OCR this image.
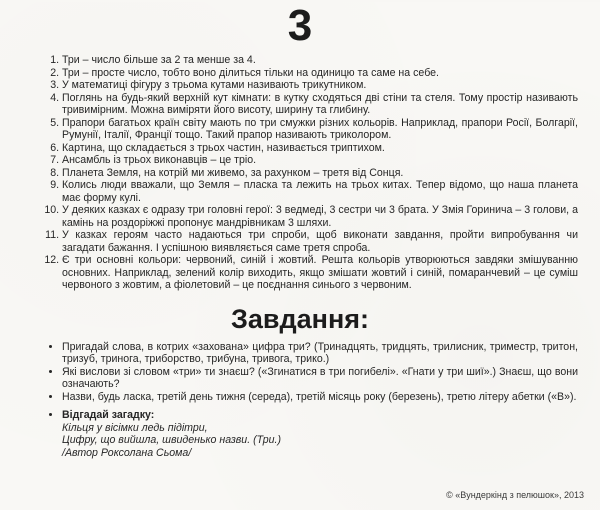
3
1. Три – число більше за 2 та менше за 4.
2. Три – просте число, тобто воно ділиться тільки на одиницю та саме на себе.
3. У математиці фігуру з трьома кутами називають трикутником.
4. Поглянь на будь-який верхній кут кімнати: в кутку сходяться дві стіни та стеля. Тому простір називають тривимірним. Можна виміряти його висоту, ширину та глибину.
5. Прапори багатьох країн світу мають по три смужки різних кольорів. Наприклад, прапори Росії, Болгарії, Румунії, Італії, Франції тощо. Такий прапор називають триколором.
6. Картина, що складається з трьох частин, називається триптихом.
7. Ансамбль із трьох виконавців – це тріо.
8. Планета Земля, на котрій ми живемо, за рахунком – третя від Сонця.
9. Колись люди вважали, що Земля – пласка та лежить на трьох китах. Тепер відомо, що наша планета має форму кулі.
10. У деяких казках є одразу три головні герої: 3 ведмеді, 3 сестри чи 3 брата. У Змія Горинича – 3 голови, а камінь на роздоріжжі пропонує мандрівникам 3 шляхи.
11. У казках героям часто надаються три спроби, щоб виконати завдання, пройти випробування чи загадати бажання. І успішною виявляється саме третя спроба.
12. Є три основні кольори: червоний, синій і жовтий. Решта кольорів утворюються завдяки змішуванню основних. Наприклад, зелений колір виходить, якщо змішати жовтий і синій, помаранчевий – це суміш червоного з жовтим, а фіолетовий – це поєднання синього з червоним.
Завдання:
• Пригадай слова, в котрих «захована» цифра три? (Тринадцять, тридцять, трилисник, триместр, тритон, тризуб, тринога, триборство, трибуна, тривога, трико.)
• Які вислови зі словом «три» ти знаєш? («Згинатися в три погибелі». «Гнати у три шиї».) Знаєш, що вони означають?
• Назви, будь ласка, третій день тижня (середа), третій місяць року (березень), третю літеру абетки («В»).
• Відгадай загадку:
Кільця у вісімки ледь підітри,
Цифру, що вийшла, швиденько назви. (Три.)
/Автор Роксолана Сьома/
© «Вундеркінд з пелюшок», 2013
